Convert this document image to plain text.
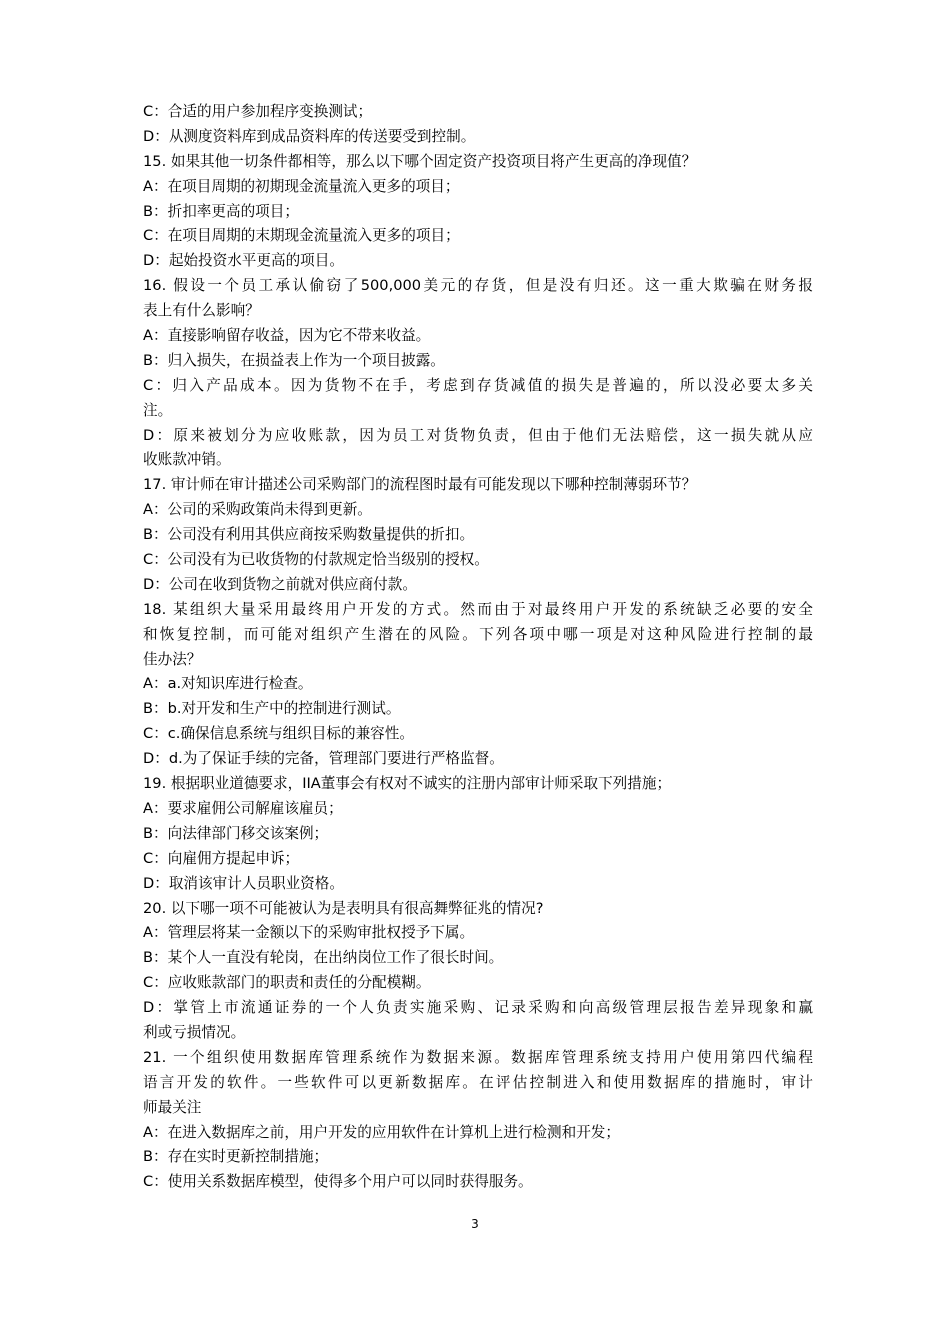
C：合适的用户参加程序变换测试；
D：从测度资料库到成品资料库的传送要受到控制。
15. 如果其他一切条件都相等，那么以下哪个固定资产投资项目将产生更高的净现值？
A：在项目周期的初期现金流量流入更多的项目；
B：折扣率更高的项目；
C：在项目周期的末期现金流量流入更多的项目；
D：起始投资水平更高的项目。
16. 假设一个员工承认偷窃了500,000美元的存货，但是没有归还。这一重大欺骗在财务报
表上有什么影响？
A：直接影响留存收益，因为它不带来收益。
B：归入损失，在损益表上作为一个项目披露。
C：归入产品成本。因为货物不在手，考虑到存货减值的损失是普遍的，所以没必要太多关
注。
D：原来被划分为应收账款，因为员工对货物负责，但由于他们无法赔偿，这一损失就从应
收账款冲销。
17. 审计师在审计描述公司采购部门的流程图时最有可能发现以下哪种控制薄弱环节？
A：公司的采购政策尚未得到更新。
B：公司没有利用其供应商按采购数量提供的折扣。
C：公司没有为已收货物的付款规定恰当级别的授权。
D：公司在收到货物之前就对供应商付款。
18. 某组织大量采用最终用户开发的方式。然而由于对最终用户开发的系统缺乏必要的安全
和恢复控制，而可能对组织产生潜在的风险。下列各项中哪一项是对这种风险进行控制的最
佳办法？
A：a.对知识库进行检查。
B：b.对开发和生产中的控制进行测试。
C：c.确保信息系统与组织目标的兼容性。
D：d.为了保证手续的完备，管理部门要进行严格监督。
19. 根据职业道德要求，IIA董事会有权对不诚实的注册内部审计师采取下列措施；
A：要求雇佣公司解雇该雇员；
B：向法律部门移交该案例；
C：向雇佣方提起申诉；
D：取消该审计人员职业资格。
20. 以下哪一项不可能被认为是表明具有很高舞弊征兆的情况?
A：管理层将某一金额以下的采购审批权授予下属。
B：某个人一直没有轮岗，在出纳岗位工作了很长时间。
C：应收账款部门的职责和责任的分配模糊。
D：掌管上市流通证券的一个人负责实施采购、记录采购和向高级管理层报告差异现象和赢
利或亏损情况。
21. 一个组织使用数据库管理系统作为数据来源。数据库管理系统支持用户使用第四代编程
语言开发的软件。一些软件可以更新数据库。在评估控制进入和使用数据库的措施时，审计
师最关注
A：在进入数据库之前，用户开发的应用软件在计算机上进行检测和开发；
B：存在实时更新控制措施；
C：使用关系数据库模型，使得多个用户可以同时获得服务。
3
